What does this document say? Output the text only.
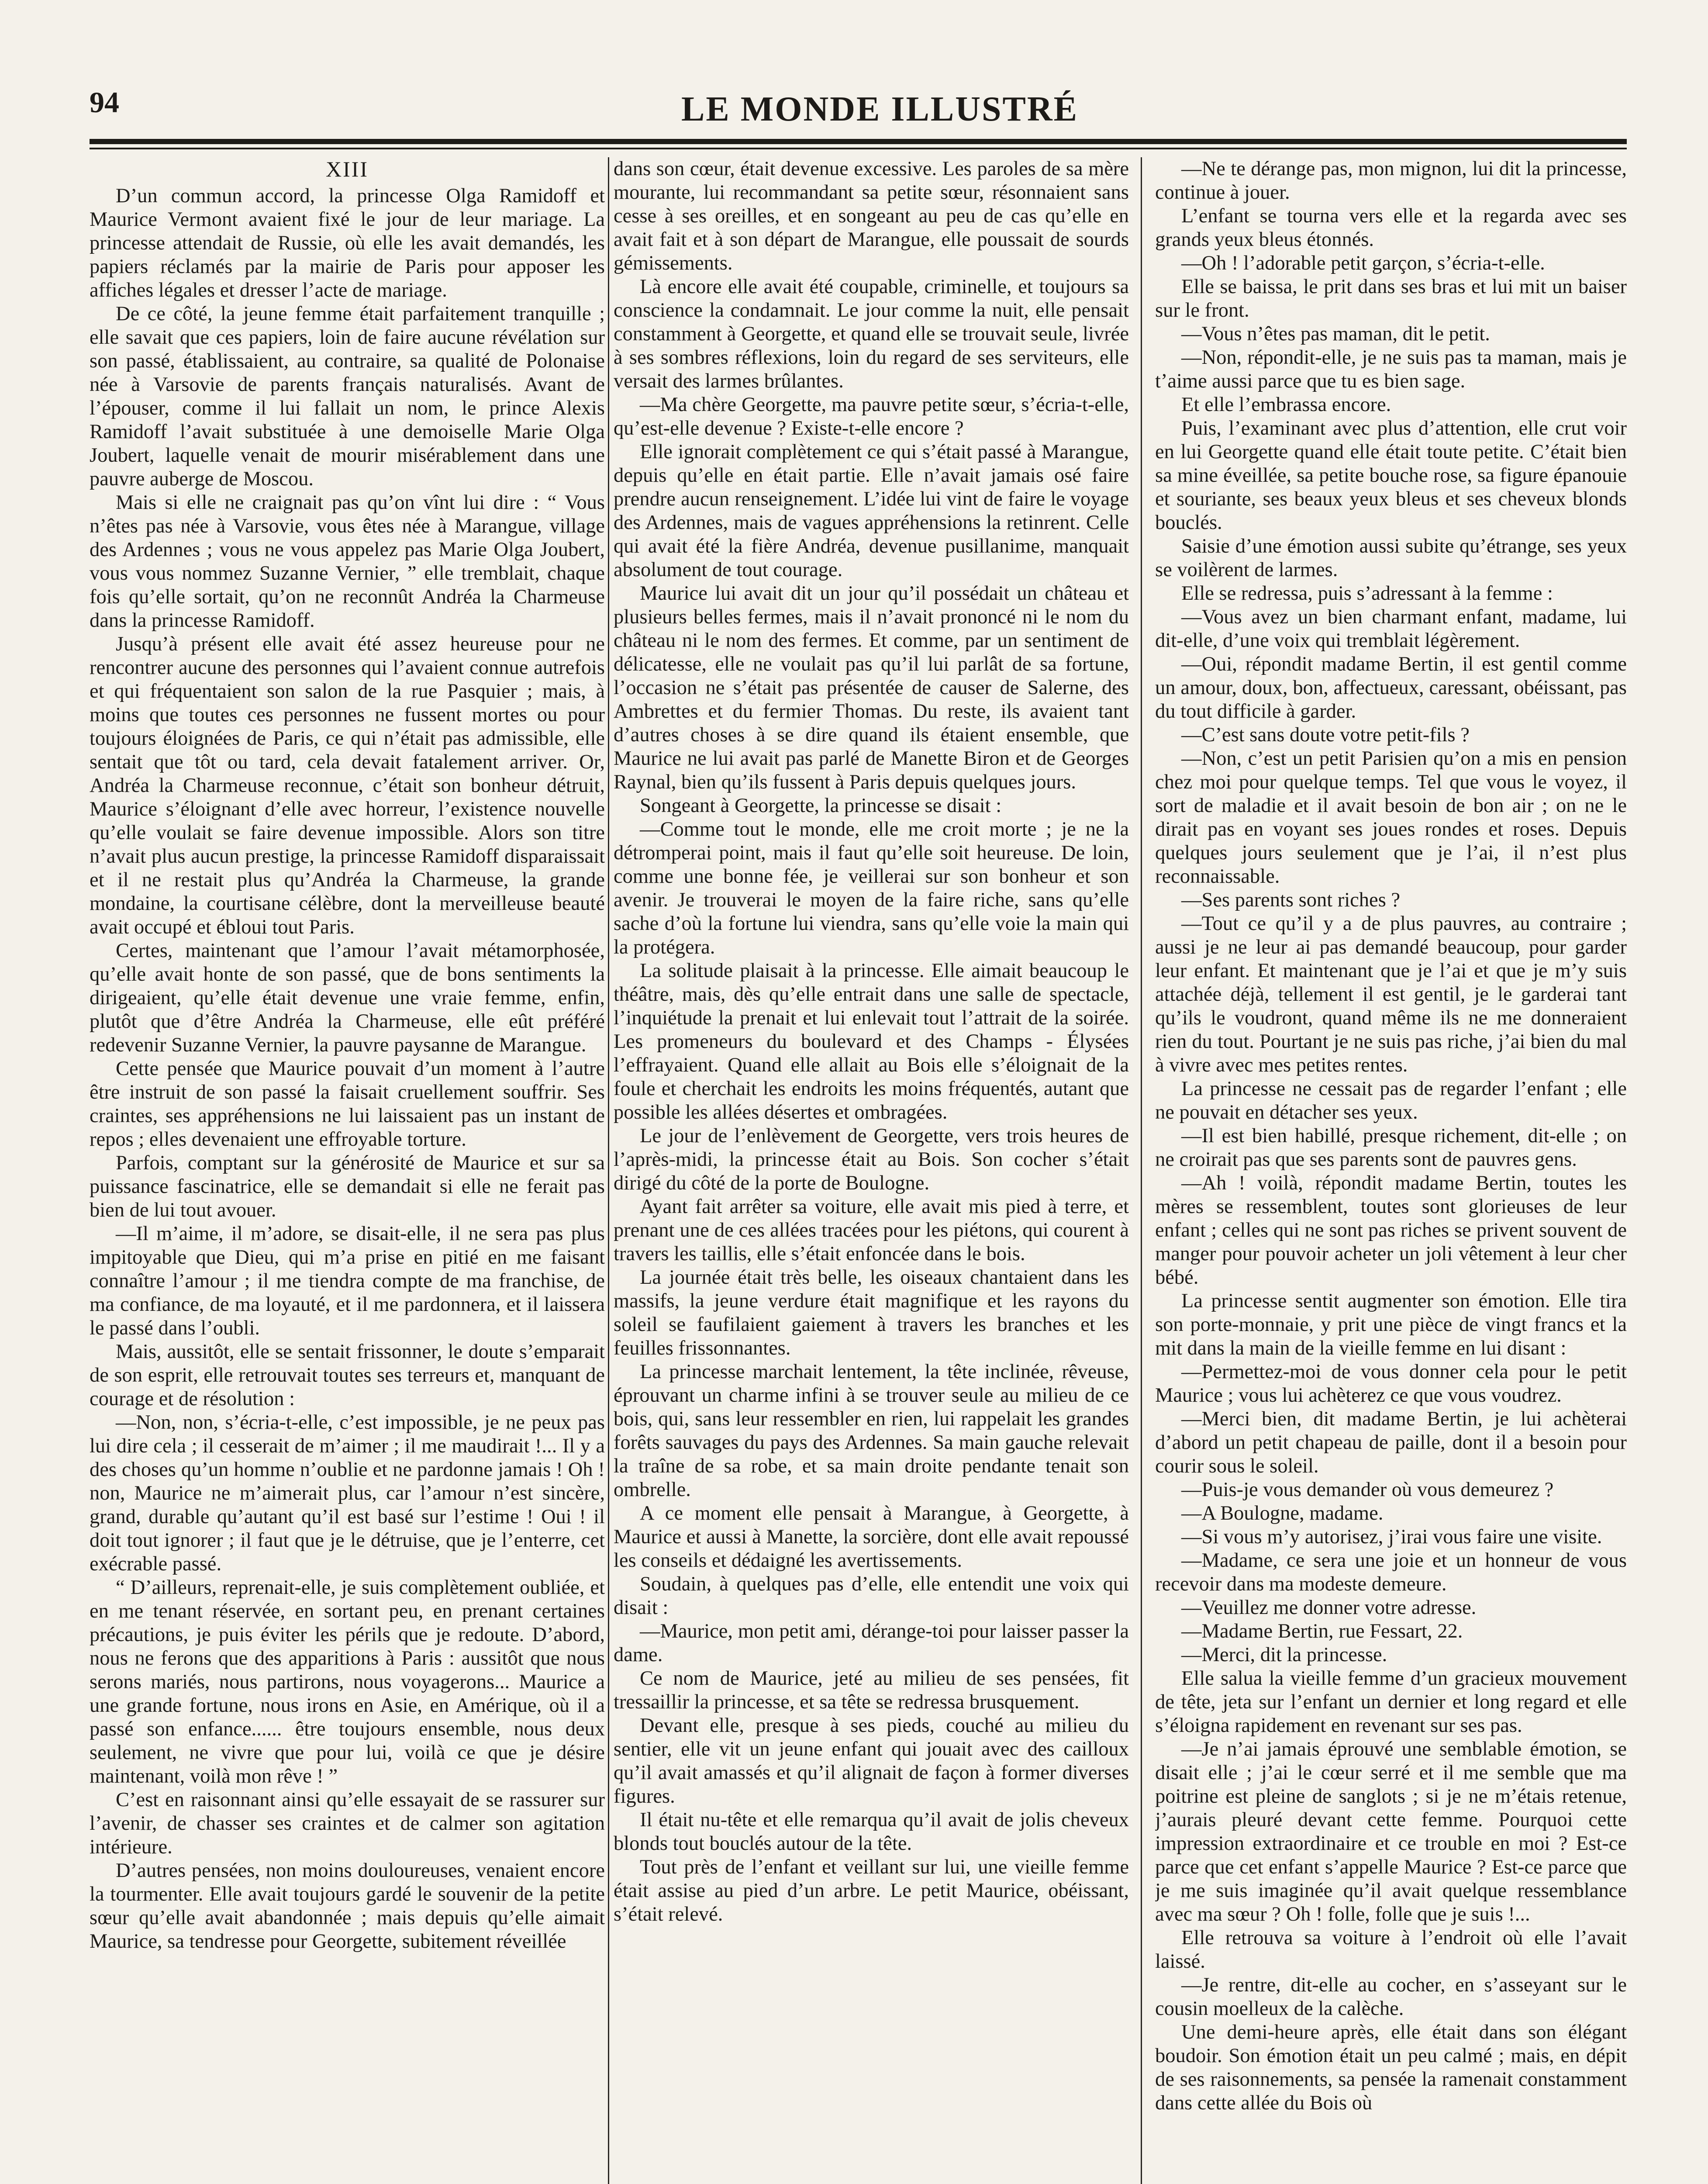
94	LE MONDE ILLUSTRÉ
XIII

D’un commun accord, la princesse Olga Ramidoff et Maurice Vermont avaient fixé le jour de leur mariage. La princesse attendait de Russie, où elle les avait demandés, les papiers réclamés par la mairie de Paris pour apposer les affiches légales et dresser l’acte de mariage.

De ce côté, la jeune femme était parfaitement tranquille ; elle savait que ces papiers, loin de faire aucune révélation sur son passé, établissaient, au contraire, sa qualité de Polonaise née à Varsovie de parents français naturalisés. Avant de l’épouser, comme il lui fallait un nom, le prince Alexis Ramidoff l’avait substituée à une demoiselle Marie Olga Joubert, laquelle venait de mourir misérablement dans une pauvre auberge de Moscou.

Mais si elle ne craignait pas qu’on vînt lui dire : “ Vous n’êtes pas née à Varsovie, vous êtes née à Marangue, village des Ardennes ; vous ne vous appelez pas Marie Olga Joubert, vous vous nommez Suzanne Vernier, ” elle tremblait, chaque fois qu’elle sortait, qu’on ne reconnût Andréa la Charmeuse dans la princesse Ramidoff.

Jusqu’à présent elle avait été assez heureuse pour ne rencontrer aucune des personnes qui l’avaient connue autrefois et qui fréquentaient son salon de la rue Pasquier ; mais, à moins que toutes ces personnes ne fussent mortes ou pour toujours éloignées de Paris, ce qui n’était pas admissible, elle sentait que tôt ou tard, cela devait fatalement arriver. Or, Andréa la Charmeuse reconnue, c’était son bonheur détruit, Maurice s’éloignant d’elle avec horreur, l’existence nouvelle qu’elle voulait se faire devenue impossible. Alors son titre n’avait plus aucun prestige, la princesse Ramidoff disparaissait et il ne restait plus qu’Andréa la Charmeuse, la grande mondaine, la courtisane célèbre, dont la merveilleuse beauté avait occupé et ébloui tout Paris.

Certes, maintenant que l’amour l’avait métamorphosée, qu’elle avait honte de son passé, que de bons sentiments la dirigeaient, qu’elle était devenue une vraie femme, enfin, plutôt que d’être Andréa la Charmeuse, elle eût préféré redevenir Suzanne Vernier, la pauvre paysanne de Marangue.

Cette pensée que Maurice pouvait d’un moment à l’autre être instruit de son passé la faisait cruellement souffrir. Ses craintes, ses appréhensions ne lui laissaient pas un instant de repos ; elles devenaient une effroyable torture.

Parfois, comptant sur la générosité de Maurice et sur sa puissance fascinatrice, elle se demandait si elle ne ferait pas bien de lui tout avouer.

—Il m’aime, il m’adore, se disait-elle, il ne sera pas plus impitoyable que Dieu, qui m’a prise en pitié en me faisant connaître l’amour ; il me tiendra compte de ma franchise, de ma confiance, de ma loyauté, et il me pardonnera, et il laissera le passé dans l’oubli.

Mais, aussitôt, elle se sentait frissonner, le doute s’emparait de son esprit, elle retrouvait toutes ses terreurs et, manquant de courage et de résolution :

—Non, non, s’écria-t-elle, c’est impossible, je ne peux pas lui dire cela ; il cesserait de m’aimer ; il me maudirait !... Il y a des choses qu’un homme n’oublie et ne pardonne jamais ! Oh ! non, Maurice ne m’aimerait plus, car l’amour n’est sincère, grand, durable qu’autant qu’il est basé sur l’estime ! Oui ! il doit tout ignorer ; il faut que je le détruise, que je l’enterre, cet exécrable passé.

“ D’ailleurs, reprenait-elle, je suis complètement oubliée, et en me tenant réservée, en sortant peu, en prenant certaines précautions, je puis éviter les périls que je redoute. D’abord, nous ne ferons que des apparitions à Paris : aussitôt que nous serons mariés, nous partirons, nous voyagerons... Maurice a une grande fortune, nous irons en Asie, en Amérique, où il a passé son enfance...... être toujours ensemble, nous deux seulement, ne vivre que pour lui, voilà ce que je désire maintenant, voilà mon rêve ! ”

C’est en raisonnant ainsi qu’elle essayait de se rassurer sur l’avenir, de chasser ses craintes et de calmer son agitation intérieure.

D’autres pensées, non moins douloureuses, venaient encore la tourmenter. Elle avait toujours gardé le souvenir de la petite sœur qu’elle avait abandonnée ; mais depuis qu’elle aimait Maurice, sa tendresse pour Georgette, subitement réveillée

dans son cœur, était devenue excessive. Les paroles de sa mère mourante, lui recommandant sa petite sœur, résonnaient sans cesse à ses oreilles, et en songeant au peu de cas qu’elle en avait fait et à son départ de Marangue, elle poussait de sourds gémissements.

Là encore elle avait été coupable, criminelle, et toujours sa conscience la condamnait. Le jour comme la nuit, elle pensait constamment à Georgette, et quand elle se trouvait seule, livrée à ses sombres réflexions, loin du regard de ses serviteurs, elle versait des larmes brûlantes.

—Ma chère Georgette, ma pauvre petite sœur, s’écria-t-elle, qu’est-elle devenue ? Existe-t-elle encore ?

Elle ignorait complètement ce qui s’était passé à Marangue, depuis qu’elle en était partie. Elle n’avait jamais osé faire prendre aucun renseignement. L’idée lui vint de faire le voyage des Ardennes, mais de vagues appréhensions la retinrent. Celle qui avait été la fière Andréa, devenue pusillanime, manquait absolument de tout courage.

Maurice lui avait dit un jour qu’il possédait un château et plusieurs belles fermes, mais il n’avait prononcé ni le nom du château ni le nom des fermes. Et comme, par un sentiment de délicatesse, elle ne voulait pas qu’il lui parlât de sa fortune, l’occasion ne s’était pas présentée de causer de Salerne, des Ambrettes et du fermier Thomas. Du reste, ils avaient tant d’autres choses à se dire quand ils étaient ensemble, que Maurice ne lui avait pas parlé de Manette Biron et de Georges Raynal, bien qu’ils fussent à Paris depuis quelques jours.

Songeant à Georgette, la princesse se disait :

—Comme tout le monde, elle me croit morte ; je ne la détromperai point, mais il faut qu’elle soit heureuse. De loin, comme une bonne fée, je veillerai sur son bonheur et son avenir. Je trouverai le moyen de la faire riche, sans qu’elle sache d’où la fortune lui viendra, sans qu’elle voie la main qui la protégera.

La solitude plaisait à la princesse. Elle aimait beaucoup le théâtre, mais, dès qu’elle entrait dans une salle de spectacle, l’inquiétude la prenait et lui enlevait tout l’attrait de la soirée. Les promeneurs du boulevard et des Champs - Élysées l’effrayaient. Quand elle allait au Bois elle s’éloignait de la foule et cherchait les endroits les moins fréquentés, autant que possible les allées désertes et ombragées.

Le jour de l’enlèvement de Georgette, vers trois heures de l’après-midi, la princesse était au Bois. Son cocher s’était dirigé du côté de la porte de Boulogne.

Ayant fait arrêter sa voiture, elle avait mis pied à terre, et prenant une de ces allées tracées pour les piétons, qui courent à travers les taillis, elle s’était enfoncée dans le bois.

La journée était très belle, les oiseaux chantaient dans les massifs, la jeune verdure était magnifique et les rayons du soleil se faufilaient gaiement à travers les branches et les feuilles frissonnantes.

La princesse marchait lentement, la tête inclinée, rêveuse, éprouvant un charme infini à se trouver seule au milieu de ce bois, qui, sans leur ressembler en rien, lui rappelait les grandes forêts sauvages du pays des Ardennes. Sa main gauche relevait la traîne de sa robe, et sa main droite pendante tenait son ombrelle.

A ce moment elle pensait à Marangue, à Georgette, à Maurice et aussi à Manette, la sorcière, dont elle avait repoussé les conseils et dédaigné les avertissements.

Soudain, à quelques pas d’elle, elle entendit une voix qui disait :

—Maurice, mon petit ami, dérange-toi pour laisser passer la dame.

Ce nom de Maurice, jeté au milieu de ses pensées, fit tressaillir la princesse, et sa tête se redressa brusquement.

Devant elle, presque à ses pieds, couché au milieu du sentier, elle vit un jeune enfant qui jouait avec des cailloux qu’il avait amassés et qu’il alignait de façon à former diverses figures.

Il était nu-tête et elle remarqua qu’il avait de jolis cheveux blonds tout bouclés autour de la tête.

Tout près de l’enfant et veillant sur lui, une vieille femme était assise au pied d’un arbre. Le petit Maurice, obéissant, s’était relevé.

—Ne te dérange pas, mon mignon, lui dit la princesse, continue à jouer.

L’enfant se tourna vers elle et la regarda avec ses grands yeux bleus étonnés.

—Oh ! l’adorable petit garçon, s’écria-t-elle.

Elle se baissa, le prit dans ses bras et lui mit un baiser sur le front.

—Vous n’êtes pas maman, dit le petit.

—Non, répondit-elle, je ne suis pas ta maman, mais je t’aime aussi parce que tu es bien sage.

Et elle l’embrassa encore.

Puis, l’examinant avec plus d’attention, elle crut voir en lui Georgette quand elle était toute petite. C’était bien sa mine éveillée, sa petite bouche rose, sa figure épanouie et souriante, ses beaux yeux bleus et ses cheveux blonds bouclés.

Saisie d’une émotion aussi subite qu’étrange, ses yeux se voilèrent de larmes.

Elle se redressa, puis s’adressant à la femme :

—Vous avez un bien charmant enfant, madame, lui dit-elle, d’une voix qui tremblait légèrement.

—Oui, répondit madame Bertin, il est gentil comme un amour, doux, bon, affectueux, caressant, obéissant, pas du tout difficile à garder.

—C’est sans doute votre petit-fils ?

—Non, c’est un petit Parisien qu’on a mis en pension chez moi pour quelque temps. Tel que vous le voyez, il sort de maladie et il avait besoin de bon air ; on ne le dirait pas en voyant ses joues rondes et roses. Depuis quelques jours seulement que je l’ai, il n’est plus reconnaissable.

—Ses parents sont riches ?

—Tout ce qu’il y a de plus pauvres, au contraire ; aussi je ne leur ai pas demandé beaucoup, pour garder leur enfant. Et maintenant que je l’ai et que je m’y suis attachée déjà, tellement il est gentil, je le garderai tant qu’ils le voudront, quand même ils ne me donneraient rien du tout. Pourtant je ne suis pas riche, j’ai bien du mal à vivre avec mes petites rentes.

La princesse ne cessait pas de regarder l’enfant ; elle ne pouvait en détacher ses yeux.

—Il est bien habillé, presque richement, dit-elle ; on ne croirait pas que ses parents sont de pauvres gens.

—Ah ! voilà, répondit madame Bertin, toutes les mères se ressemblent, toutes sont glorieuses de leur enfant ; celles qui ne sont pas riches se privent souvent de manger pour pouvoir acheter un joli vêtement à leur cher bébé.

La princesse sentit augmenter son émotion. Elle tira son porte-monnaie, y prit une pièce de vingt francs et la mit dans la main de la vieille femme en lui disant :

—Permettez-moi de vous donner cela pour le petit Maurice ; vous lui achèterez ce que vous voudrez.

—Merci bien, dit madame Bertin, je lui achèterai d’abord un petit chapeau de paille, dont il a besoin pour courir sous le soleil.

—Puis-je vous demander où vous demeurez ?

—A Boulogne, madame.

—Si vous m’y autorisez, j’irai vous faire une visite.

—Madame, ce sera une joie et un honneur de vous recevoir dans ma modeste demeure.

—Veuillez me donner votre adresse.

—Madame Bertin, rue Fessart, 22.

—Merci, dit la princesse.

Elle salua la vieille femme d’un gracieux mouvement de tête, jeta sur l’enfant un dernier et long regard et elle s’éloigna rapidement en revenant sur ses pas.

—Je n’ai jamais éprouvé une semblable émotion, se disait elle ; j’ai le cœur serré et il me semble que ma poitrine est pleine de sanglots ; si je ne m’étais retenue, j’aurais pleuré devant cette femme. Pourquoi cette impression extraordinaire et ce trouble en moi ? Est-ce parce que cet enfant s’appelle Maurice ? Est-ce parce que je me suis imaginée qu’il avait quelque ressemblance avec ma sœur ? Oh ! folle, folle que je suis !...

Elle retrouva sa voiture à l’endroit où elle l’avait laissé.

—Je rentre, dit-elle au cocher, en s’asseyant sur le cousin moelleux de la calèche.

Une demi-heure après, elle était dans son élégant boudoir. Son émotion était un peu calmé ; mais, en dépit de ses raisonnements, sa pensée la ramenait constamment dans cette allée du Bois où
